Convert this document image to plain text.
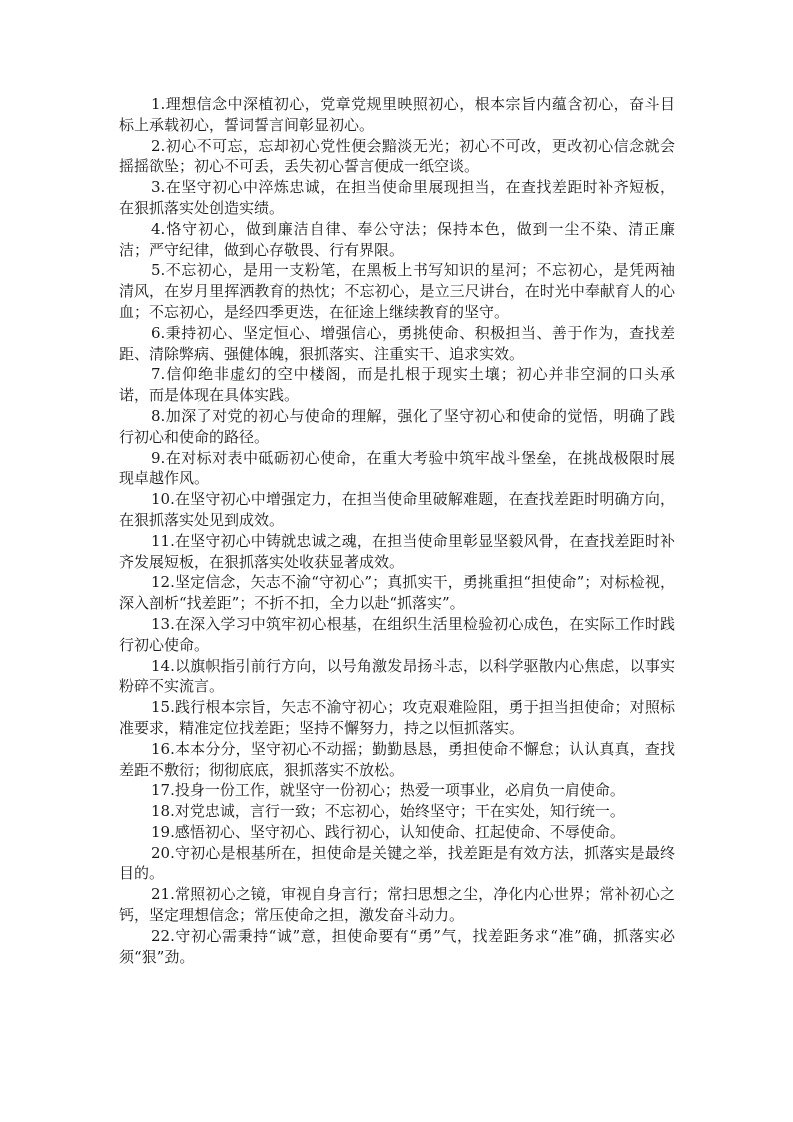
1.理想信念中深植初心，党章党规里映照初心，根本宗旨内蕴含初心，奋斗目标上承载初心，誓词誓言间彰显初心。

2.初心不可忘，忘却初心党性便会黯淡无光；初心不可改，更改初心信念就会摇摇欲坠；初心不可丢，丢失初心誓言便成一纸空谈。

3.在坚守初心中淬炼忠诚，在担当使命里展现担当，在查找差距时补齐短板，在狠抓落实处创造实绩。

4.恪守初心，做到廉洁自律、奉公守法；保持本色，做到一尘不染、清正廉洁；严守纪律，做到心存敬畏、行有界限。

5.不忘初心，是用一支粉笔，在黑板上书写知识的星河；不忘初心，是凭两袖清风，在岁月里挥洒教育的热忱；不忘初心，是立三尺讲台，在时光中奉献育人的心血；不忘初心，是经四季更迭，在征途上继续教育的坚守。

6.秉持初心、坚定恒心、增强信心，勇挑使命、积极担当、善于作为，查找差距、清除弊病、强健体魄，狠抓落实、注重实干、追求实效。

7.信仰绝非虚幻的空中楼阁，而是扎根于现实土壤；初心并非空洞的口头承诺，而是体现在具体实践。

8.加深了对党的初心与使命的理解，强化了坚守初心和使命的觉悟，明确了践行初心和使命的路径。

9.在对标对表中砥砺初心使命，在重大考验中筑牢战斗堡垒，在挑战极限时展现卓越作风。

10.在坚守初心中增强定力，在担当使命里破解难题，在查找差距时明确方向，在狠抓落实处见到成效。

11.在坚守初心中铸就忠诚之魂，在担当使命里彰显坚毅风骨，在查找差距时补齐发展短板，在狠抓落实处收获显著成效。

12.坚定信念，矢志不渝“守初心”；真抓实干，勇挑重担“担使命”；对标检视，深入剖析“找差距”；不折不扣，全力以赴“抓落实”。

13.在深入学习中筑牢初心根基，在组织生活里检验初心成色，在实际工作时践行初心使命。

14.以旗帜指引前行方向，以号角激发昂扬斗志，以科学驱散内心焦虑，以事实粉碎不实流言。

15.践行根本宗旨，矢志不渝守初心；攻克艰难险阻，勇于担当担使命；对照标准要求，精准定位找差距；坚持不懈努力，持之以恒抓落实。

16.本本分分，坚守初心不动摇；勤勤恳恳，勇担使命不懈怠；认认真真，查找差距不敷衍；彻彻底底，狠抓落实不放松。

17.投身一份工作，就坚守一份初心；热爱一项事业，必肩负一肩使命。

18.对党忠诚，言行一致；不忘初心，始终坚守；干在实处，知行统一。

19.感悟初心、坚守初心、践行初心，认知使命、扛起使命、不辱使命。

20.守初心是根基所在，担使命是关键之举，找差距是有效方法，抓落实是最终目的。

21.常照初心之镜，审视自身言行；常扫思想之尘，净化内心世界；常补初心之钙，坚定理想信念；常压使命之担，激发奋斗动力。

22.守初心需秉持“诚”意，担使命要有“勇”气，找差距务求“准”确，抓落实必须“狠”劲。
